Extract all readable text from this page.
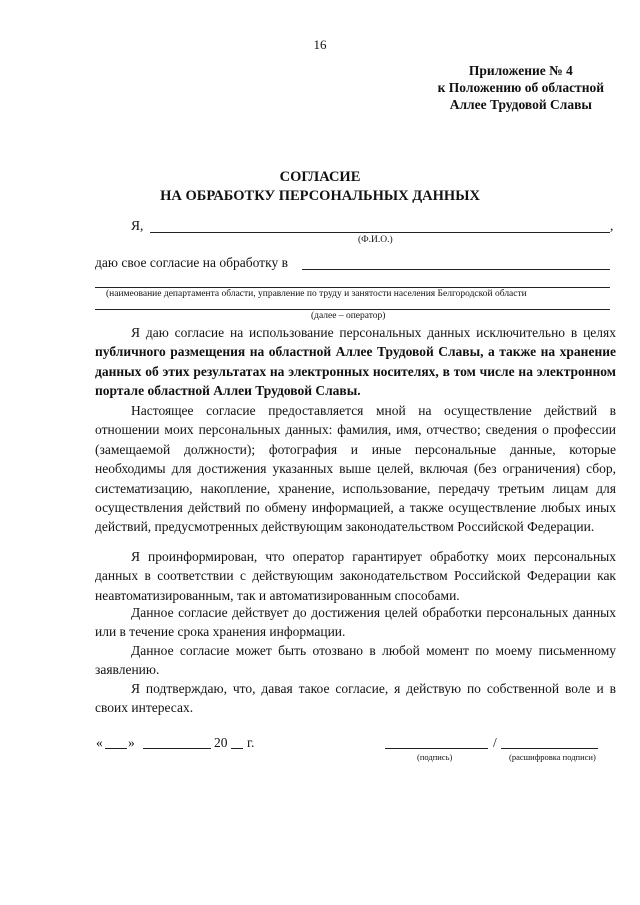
16
Приложение № 4
к Положению об областной
Аллее Трудовой Славы
СОГЛАСИЕ
НА ОБРАБОТКУ ПЕРСОНАЛЬНЫХ ДАННЫХ
Я,	,
(Ф.И.О.)
даю свое согласие на обработку в
(наимеование департамента области, управление по труду и занятости населения Белгородской области
(далее – оператор)

Я даю согласие на использование персональных данных исключительно в целях публичного размещения на областной Аллее Трудовой Славы, а также на хранение данных об этих результатах на электронных носителях, в том числе на электронном портале областной Аллеи Трудовой Славы.

Настоящее согласие предоставляется мной на осуществление действий в отношении моих персональных данных: фамилия, имя, отчество; сведения о профессии (замещаемой должности); фотография и иные персональные данные, которые необходимы для достижения указанных выше целей, включая (без ограничения) сбор, систематизацию, накопление, хранение, использование, передачу третьим лицам для осуществления действий по обмену информацией, а также осуществление любых иных действий, предусмотренных действующим законодательством Российской Федерации.

Я проинформирован, что оператор гарантирует обработку моих персональных данных в соответствии с действующим законодательством Российской Федерации как неавтоматизированным, так и автоматизированным способами.

Данное согласие действует до достижения целей обработки персональных данных или в течение срока хранения информации.

Данное согласие может быть отозвано в любой момент по моему письменному заявлению.

Я подтверждаю, что, давая такое согласие, я действую по собственной воле и в своих интересах.

« »	20 г.	/
(подпись)	(расшифровка подписи)
